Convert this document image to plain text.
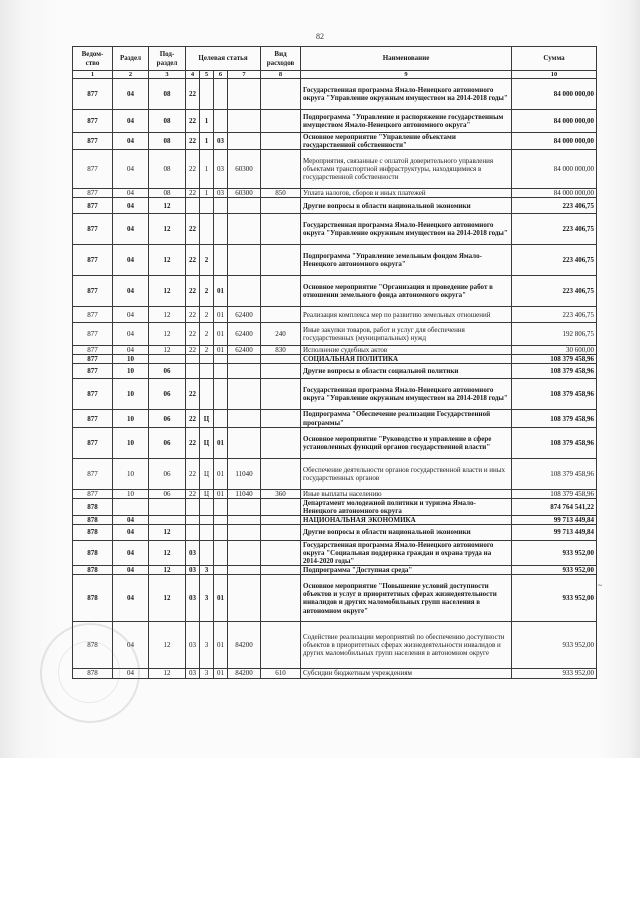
82
Ведом-ство	Раздел	Под-раздел	Целевая статья				Вид расходов	Наименование	Сумма
1	2	3	4	5	6	7	8	9	10
877	04	08	22					Государственная программа Ямало-Ненецкого автономного округа "Управление окружным имуществом на 2014-2018 годы"	84 000 000,00
877	04	08	22	1				Подпрограмма "Управление и распоряжение государственным имуществом Ямало-Ненецкого автономного округа"	84 000 000,00
877	04	08	22	1	03			Основное мероприятие "Управление объектами государственной собственности"	84 000 000,00
877	04	08	22	1	03	60300		Мероприятия, связанные с оплатой доверительного управления объектами транспортной инфраструктуры, находящимися в государственной собственности	84 000 000,00
877	04	08	22	1	03	60300	850	Уплата налогов, сборов и иных платежей	84 000 000,00
877	04	12						Другие вопросы в области национальной экономики	223 406,75
877	04	12	22					Государственная программа Ямало-Ненецкого автономного округа "Управление окружным имуществом на 2014-2018 годы"	223 406,75
877	04	12	22	2				Подпрограмма "Управление земельным фондом Ямало-Ненецкого автономного округа"	223 406,75
877	04	12	22	2	01			Основное мероприятие "Организация и проведение работ в отношении земельного фонда автономного округа"	223 406,75
877	04	12	22	2	01	62400		Реализация комплекса мер по развитию земельных отношений	223 406,75
877	04	12	22	2	01	62400	240	Иные закупки товаров, работ и услуг для обеспечения государственных (муниципальных) нужд	192 806,75
877	04	12	22	2	01	62400	830	Исполнение судебных актов	30 600,00
877	10							СОЦИАЛЬНАЯ ПОЛИТИКА	108 379 458,96
877	10	06						Другие вопросы в области социальной политики	108 379 458,96
877	10	06	22					Государственная программа Ямало-Ненецкого автономного округа "Управление окружным имуществом на 2014-2018 годы"	108 379 458,96
877	10	06	22	Ц				Подпрограмма "Обеспечение реализации Государственной программы"	108 379 458,96
877	10	06	22	Ц	01			Основное мероприятие "Руководство и управление в сфере установленных функций органов государственной власти"	108 379 458,96
877	10	06	22	Ц	01	11040		Обеспечение деятельности органов государственной власти и иных государственных органов	108 379 458,96
877	10	06	22	Ц	01	11040	360	Иные выплаты населению	108 379 458,96
878								Департамент молодежной политики и туризма Ямало-Ненецкого автономного округа	874 764 541,22
878	04							НАЦИОНАЛЬНАЯ ЭКОНОМИКА	99 713 449,84
878	04	12						Другие вопросы в области национальной экономики	99 713 449,84
878	04	12	03					Государственная программа Ямало-Ненецкого автономного округа "Социальная поддержка граждан и охрана труда на 2014-2020 годы"	933 952,00
878	04	12	03	3				Подпрограмма "Доступная среда"	933 952,00
878	04	12	03	3	01			Основное мероприятие "Повышение условий доступности объектов и услуг в приоритетных сферах жизнедеятельности инвалидов и других маломобильных групп населения в автономном округе"	933 952,00
878	04	12	03	3	01	84200		Содействие реализации мероприятий по обеспечению доступности объектов в приоритетных сферах жизнедеятельности инвалидов и других маломобильных групп населения в автономном округе	933 952,00
878	04	12	03	3	01	84200	610	Субсидии бюджетным учреждениям	933 952,00
~
